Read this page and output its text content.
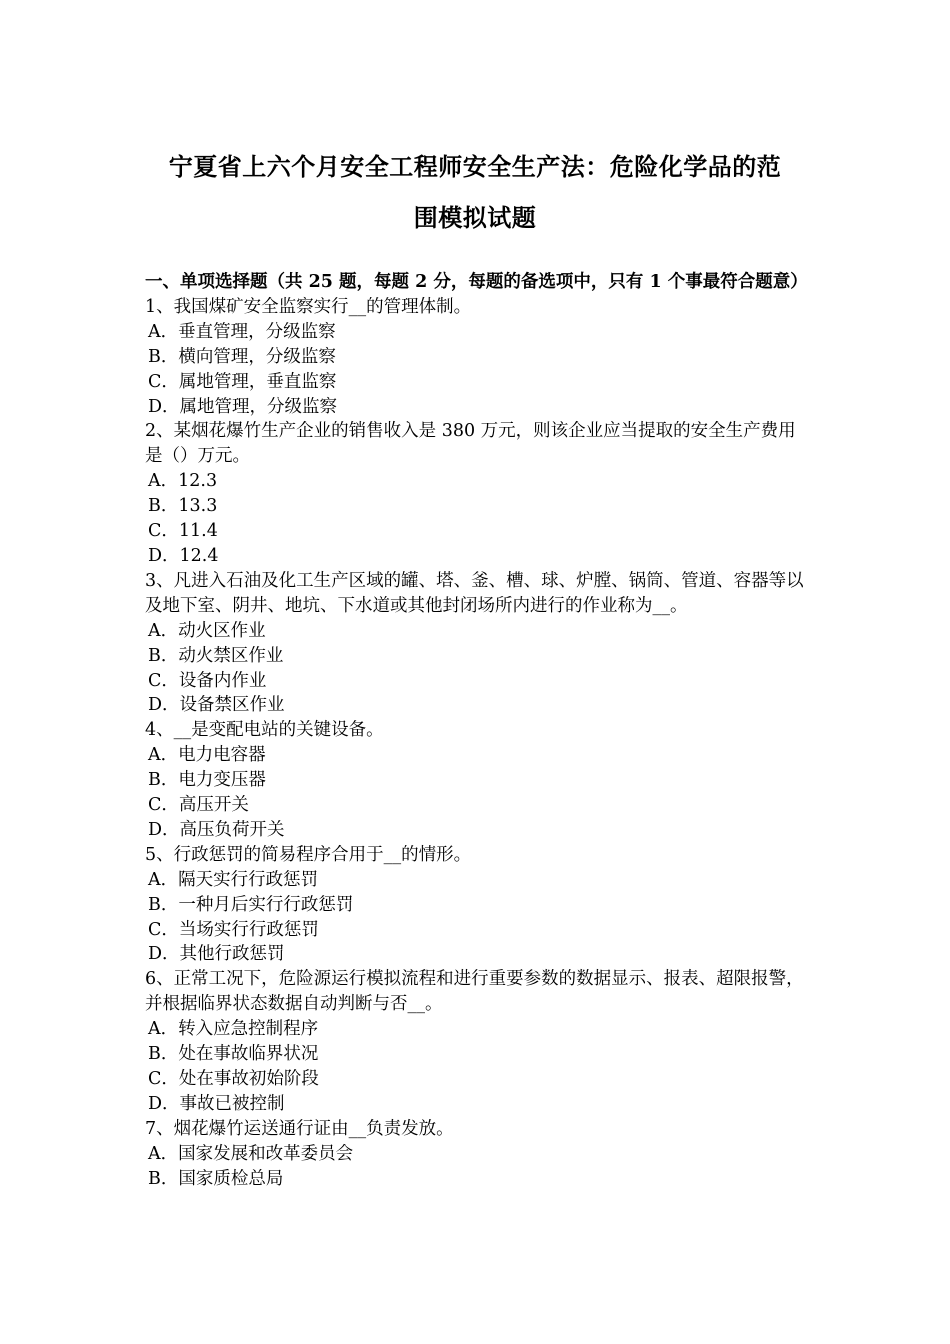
宁夏省上六个月安全工程师安全生产法：危险化学品的范
围模拟试题
一、单项选择题（共 25 题，每题 2 分，每题的备选项中，只有 1 个事最符合题意）
1、我国煤矿安全监察实行__的管理体制。
A．垂直管理，分级监察
B．横向管理，分级监察
C．属地管理，垂直监察
D．属地管理，分级监察
2、某烟花爆竹生产企业的销售收入是 380 万元，则该企业应当提取的安全生产费用是（）万元。
A．12.3
B．13.3
C．11.4
D．12.4
3、凡进入石油及化工生产区域的罐、塔、釜、槽、球、炉膛、锅筒、管道、容器等以及地下室、阴井、地坑、下水道或其他封闭场所内进行的作业称为__。
A．动火区作业
B．动火禁区作业
C．设备内作业
D．设备禁区作业
4、__是变配电站的关键设备。
A．电力电容器
B．电力变压器
C．高压开关
D．高压负荷开关
5、行政惩罚的简易程序合用于__的情形。
A．隔天实行行政惩罚
B．一种月后实行行政惩罚
C．当场实行行政惩罚
D．其他行政惩罚
6、正常工况下，危险源运行模拟流程和进行重要参数的数据显示、报表、超限报警，并根据临界状态数据自动判断与否__。
A．转入应急控制程序
B．处在事故临界状况
C．处在事故初始阶段
D．事故已被控制
7、烟花爆竹运送通行证由__负责发放。
A．国家发展和改革委员会
B．国家质检总局
